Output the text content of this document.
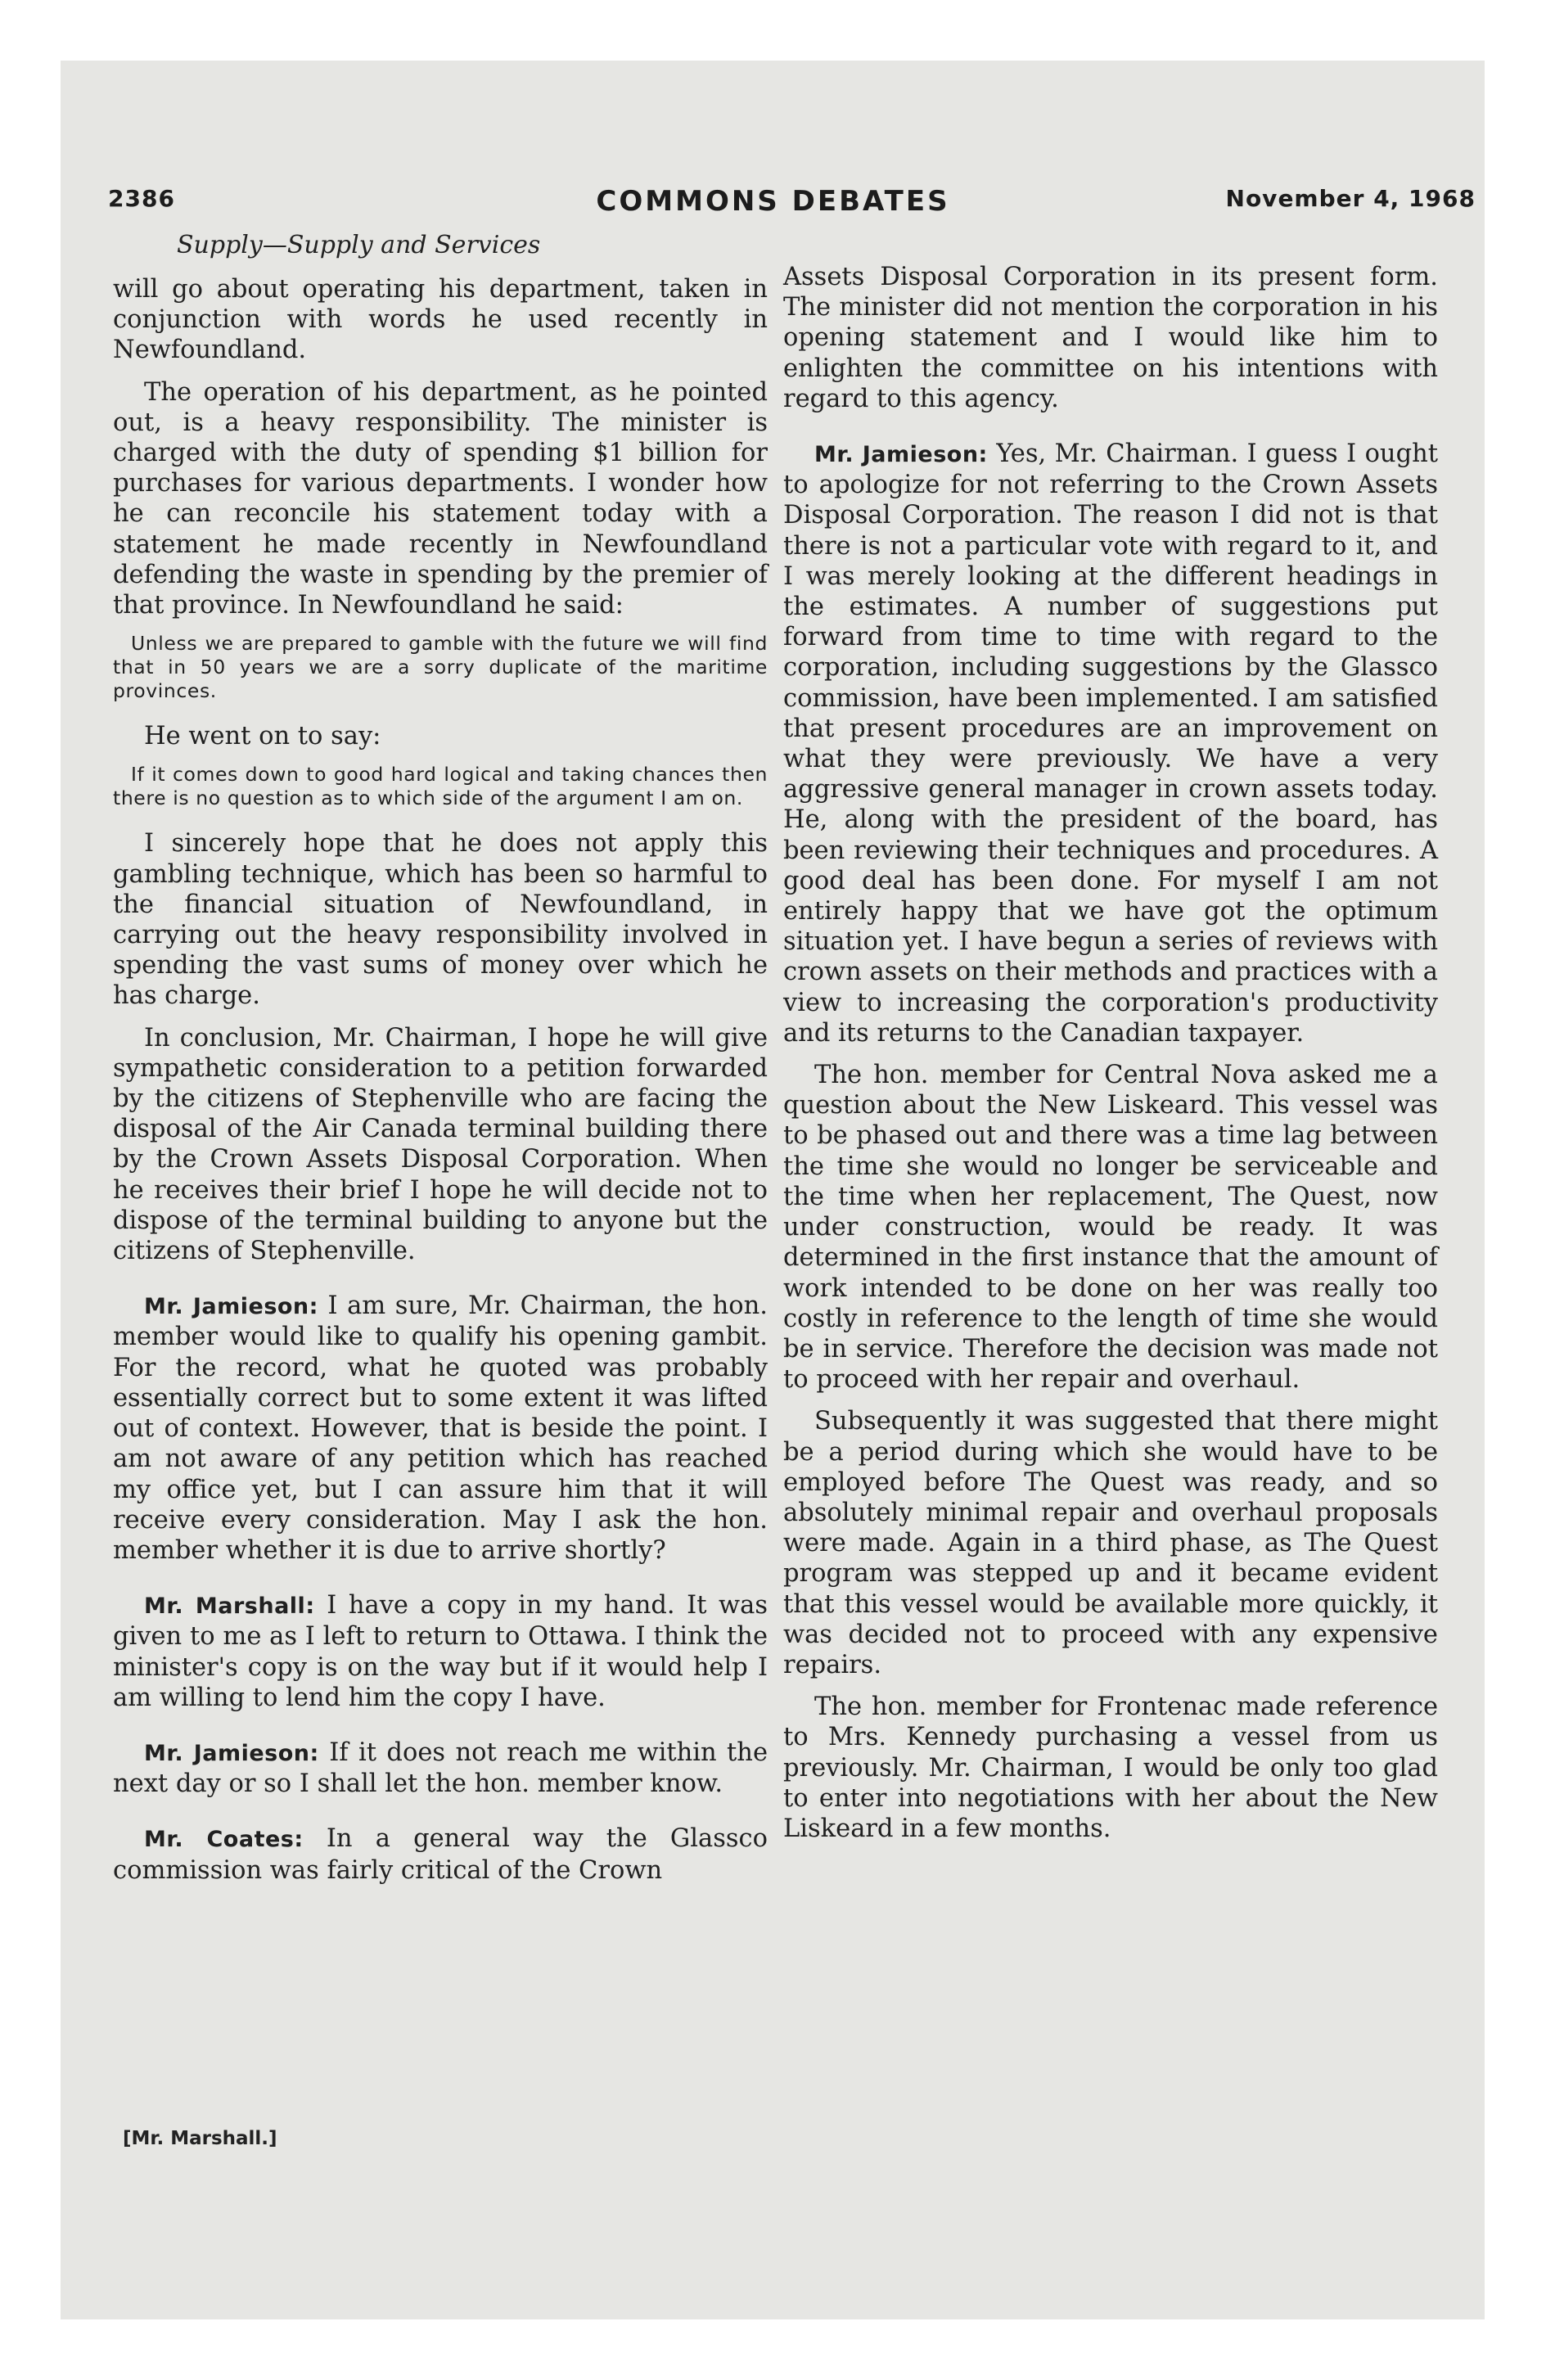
2386	COMMONS DEBATES	November 4, 1968
Supply—Supply and Services

will go about operating his department, taken in conjunction with words he used recently in Newfoundland.

The operation of his department, as he pointed out, is a heavy responsibility. The minister is charged with the duty of spending $1 billion for purchases for various departments. I wonder how he can reconcile his statement today with a statement he made recently in Newfoundland defending the waste in spending by the premier of that province. In Newfoundland he said:

Unless we are prepared to gamble with the future we will find that in 50 years we are a sorry duplicate of the maritime provinces.

He went on to say:

If it comes down to good hard logical and taking chances then there is no question as to which side of the argument I am on.

I sincerely hope that he does not apply this gambling technique, which has been so harmful to the financial situation of Newfoundland, in carrying out the heavy responsibility involved in spending the vast sums of money over which he has charge.

In conclusion, Mr. Chairman, I hope he will give sympathetic consideration to a petition forwarded by the citizens of Stephenville who are facing the disposal of the Air Canada terminal building there by the Crown Assets Disposal Corporation. When he receives their brief I hope he will decide not to dispose of the terminal building to anyone but the citizens of Stephenville.

Mr. Jamieson: I am sure, Mr. Chairman, the hon. member would like to qualify his opening gambit. For the record, what he quoted was probably essentially correct but to some extent it was lifted out of context. However, that is beside the point. I am not aware of any petition which has reached my office yet, but I can assure him that it will receive every consideration. May I ask the hon. member whether it is due to arrive shortly?

Mr. Marshall: I have a copy in my hand. It was given to me as I left to return to Ottawa. I think the minister's copy is on the way but if it would help I am willing to lend him the copy I have.

Mr. Jamieson: If it does not reach me within the next day or so I shall let the hon. member know.

Mr. Coates: In a general way the Glassco commission was fairly critical of the Crown

[Mr. Marshall.]

Assets Disposal Corporation in its present form. The minister did not mention the corporation in his opening statement and I would like him to enlighten the committee on his intentions with regard to this agency.

Mr. Jamieson: Yes, Mr. Chairman. I guess I ought to apologize for not referring to the Crown Assets Disposal Corporation. The reason I did not is that there is not a particular vote with regard to it, and I was merely looking at the different headings in the estimates. A number of suggestions put forward from time to time with regard to the corporation, including suggestions by the Glassco commission, have been implemented. I am satisfied that present procedures are an improvement on what they were previously. We have a very aggressive general manager in crown assets today. He, along with the president of the board, has been reviewing their techniques and procedures. A good deal has been done. For myself I am not entirely happy that we have got the optimum situation yet. I have begun a series of reviews with crown assets on their methods and practices with a view to increasing the corporation's productivity and its returns to the Canadian taxpayer.

The hon. member for Central Nova asked me a question about the New Liskeard. This vessel was to be phased out and there was a time lag between the time she would no longer be serviceable and the time when her replacement, The Quest, now under construction, would be ready. It was determined in the first instance that the amount of work intended to be done on her was really too costly in reference to the length of time she would be in service. Therefore the decision was made not to proceed with her repair and overhaul.

Subsequently it was suggested that there might be a period during which she would have to be employed before The Quest was ready, and so absolutely minimal repair and overhaul proposals were made. Again in a third phase, as The Quest program was stepped up and it became evident that this vessel would be available more quickly, it was decided not to proceed with any expensive repairs.

The hon. member for Frontenac made reference to Mrs. Kennedy purchasing a vessel from us previously. Mr. Chairman, I would be only too glad to enter into negotiations with her about the New Liskeard in a few months.
